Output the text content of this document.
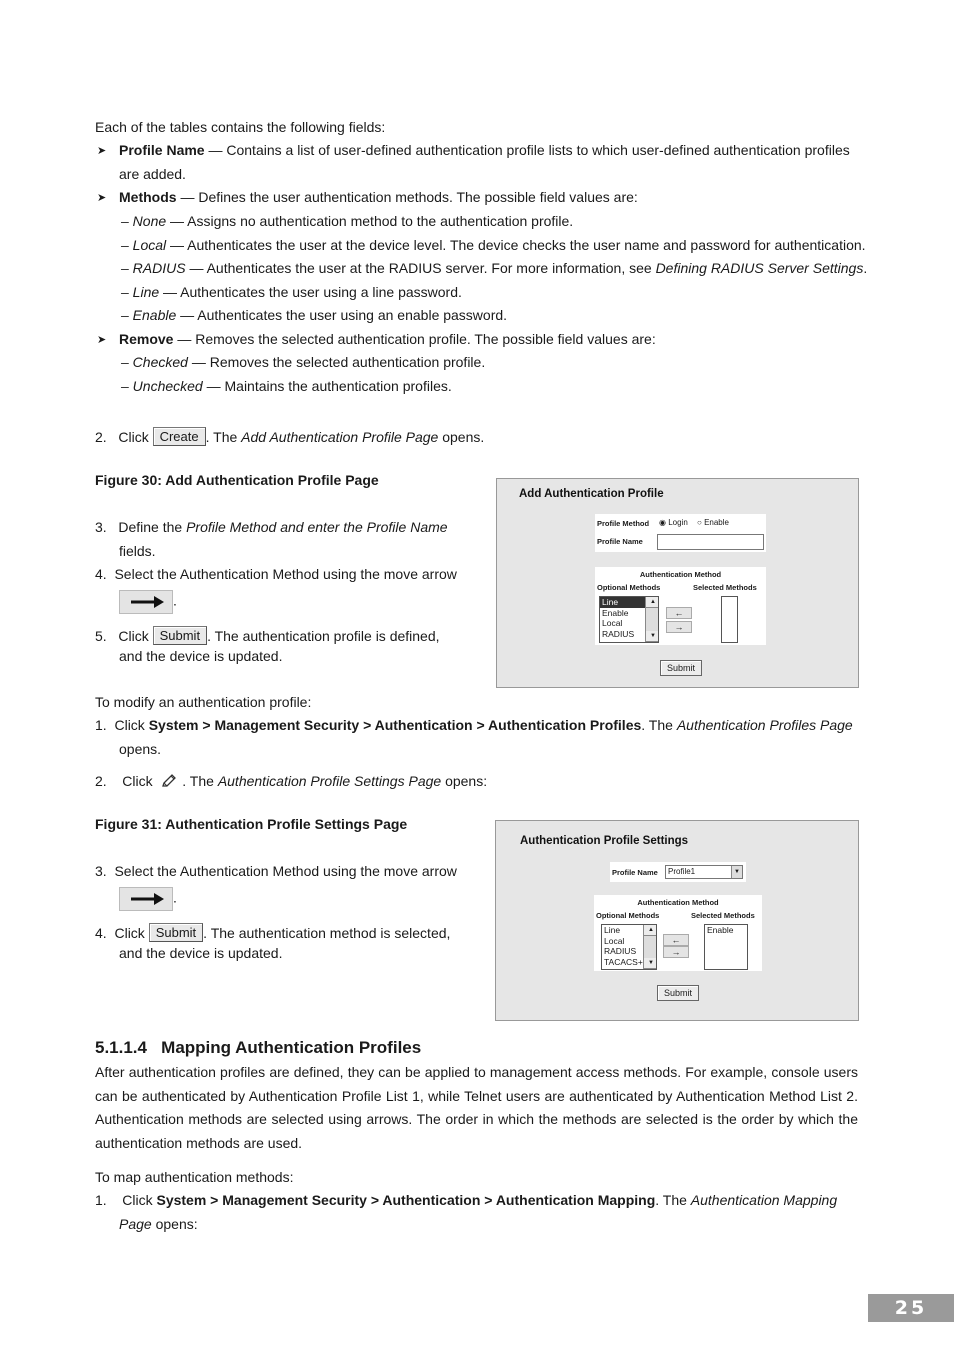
Each of the tables contains the following fields:
➤ Profile Name — Contains a list of user-defined authentication profile lists to which user-defined authentication profiles
are added.
➤ Methods — Defines the user authentication methods. The possible field values are:
– None — Assigns no authentication method to the authentication profile.
– Local — Authenticates the user at the device level. The device checks the user name and password for authentication.
– RADIUS — Authenticates the user at the RADIUS server. For more information, see Defining RADIUS Server Settings.
– Line — Authenticates the user using a line password.
– Enable — Authenticates the user using an enable password.
➤ Remove — Removes the selected authentication profile. The possible field values are:
– Checked — Removes the selected authentication profile.
– Unchecked — Maintains the authentication profiles.
2. Click Create . The Add Authentication Profile Page opens.
Figure 30: Add Authentication Profile Page
3. Define the Profile Method and enter the Profile Name
fields.
4. Select the Authentication Method using the move arrow
.
5. Click Submit . The authentication profile is defined,
and the device is updated.
Add Authentication Profile
Profile Method ◉ Login ○ Enable
Profile Name
Authentication Method
Optional Methods	Selected Methods
Line
Enable
Local
RADIUS
▲
▼
←
→
Submit
To modify an authentication profile:
1. Click System > Management Security > Authentication > Authentication Profiles. The Authentication Profiles Page
opens.
2. Click . The Authentication Profile Settings Page opens:
Figure 31: Authentication Profile Settings Page
3. Select the Authentication Method using the move arrow
.
4. Click Submit . The authentication method is selected,
and the device is updated.
Authentication Profile Settings
Profile Name	Profile1	▼
Authentication Method
Optional Methods	Selected Methods
Line
Local
RADIUS
TACACS+
▲
▼
←
→
Enable
Submit
5.1.1.4   Mapping Authentication Profiles
After authentication profiles are defined, they can be applied to management access methods. For example, console users can be authenticated by Authentication Profile List 1, while Telnet users are authenticated by Authentication Method List 2. Authentication methods are selected using arrows. The order in which the methods are selected is the order by which the authentication methods are used.
To map authentication methods:
1. Click System > Management Security > Authentication > Authentication Mapping. The Authentication Mapping
Page opens:
25
